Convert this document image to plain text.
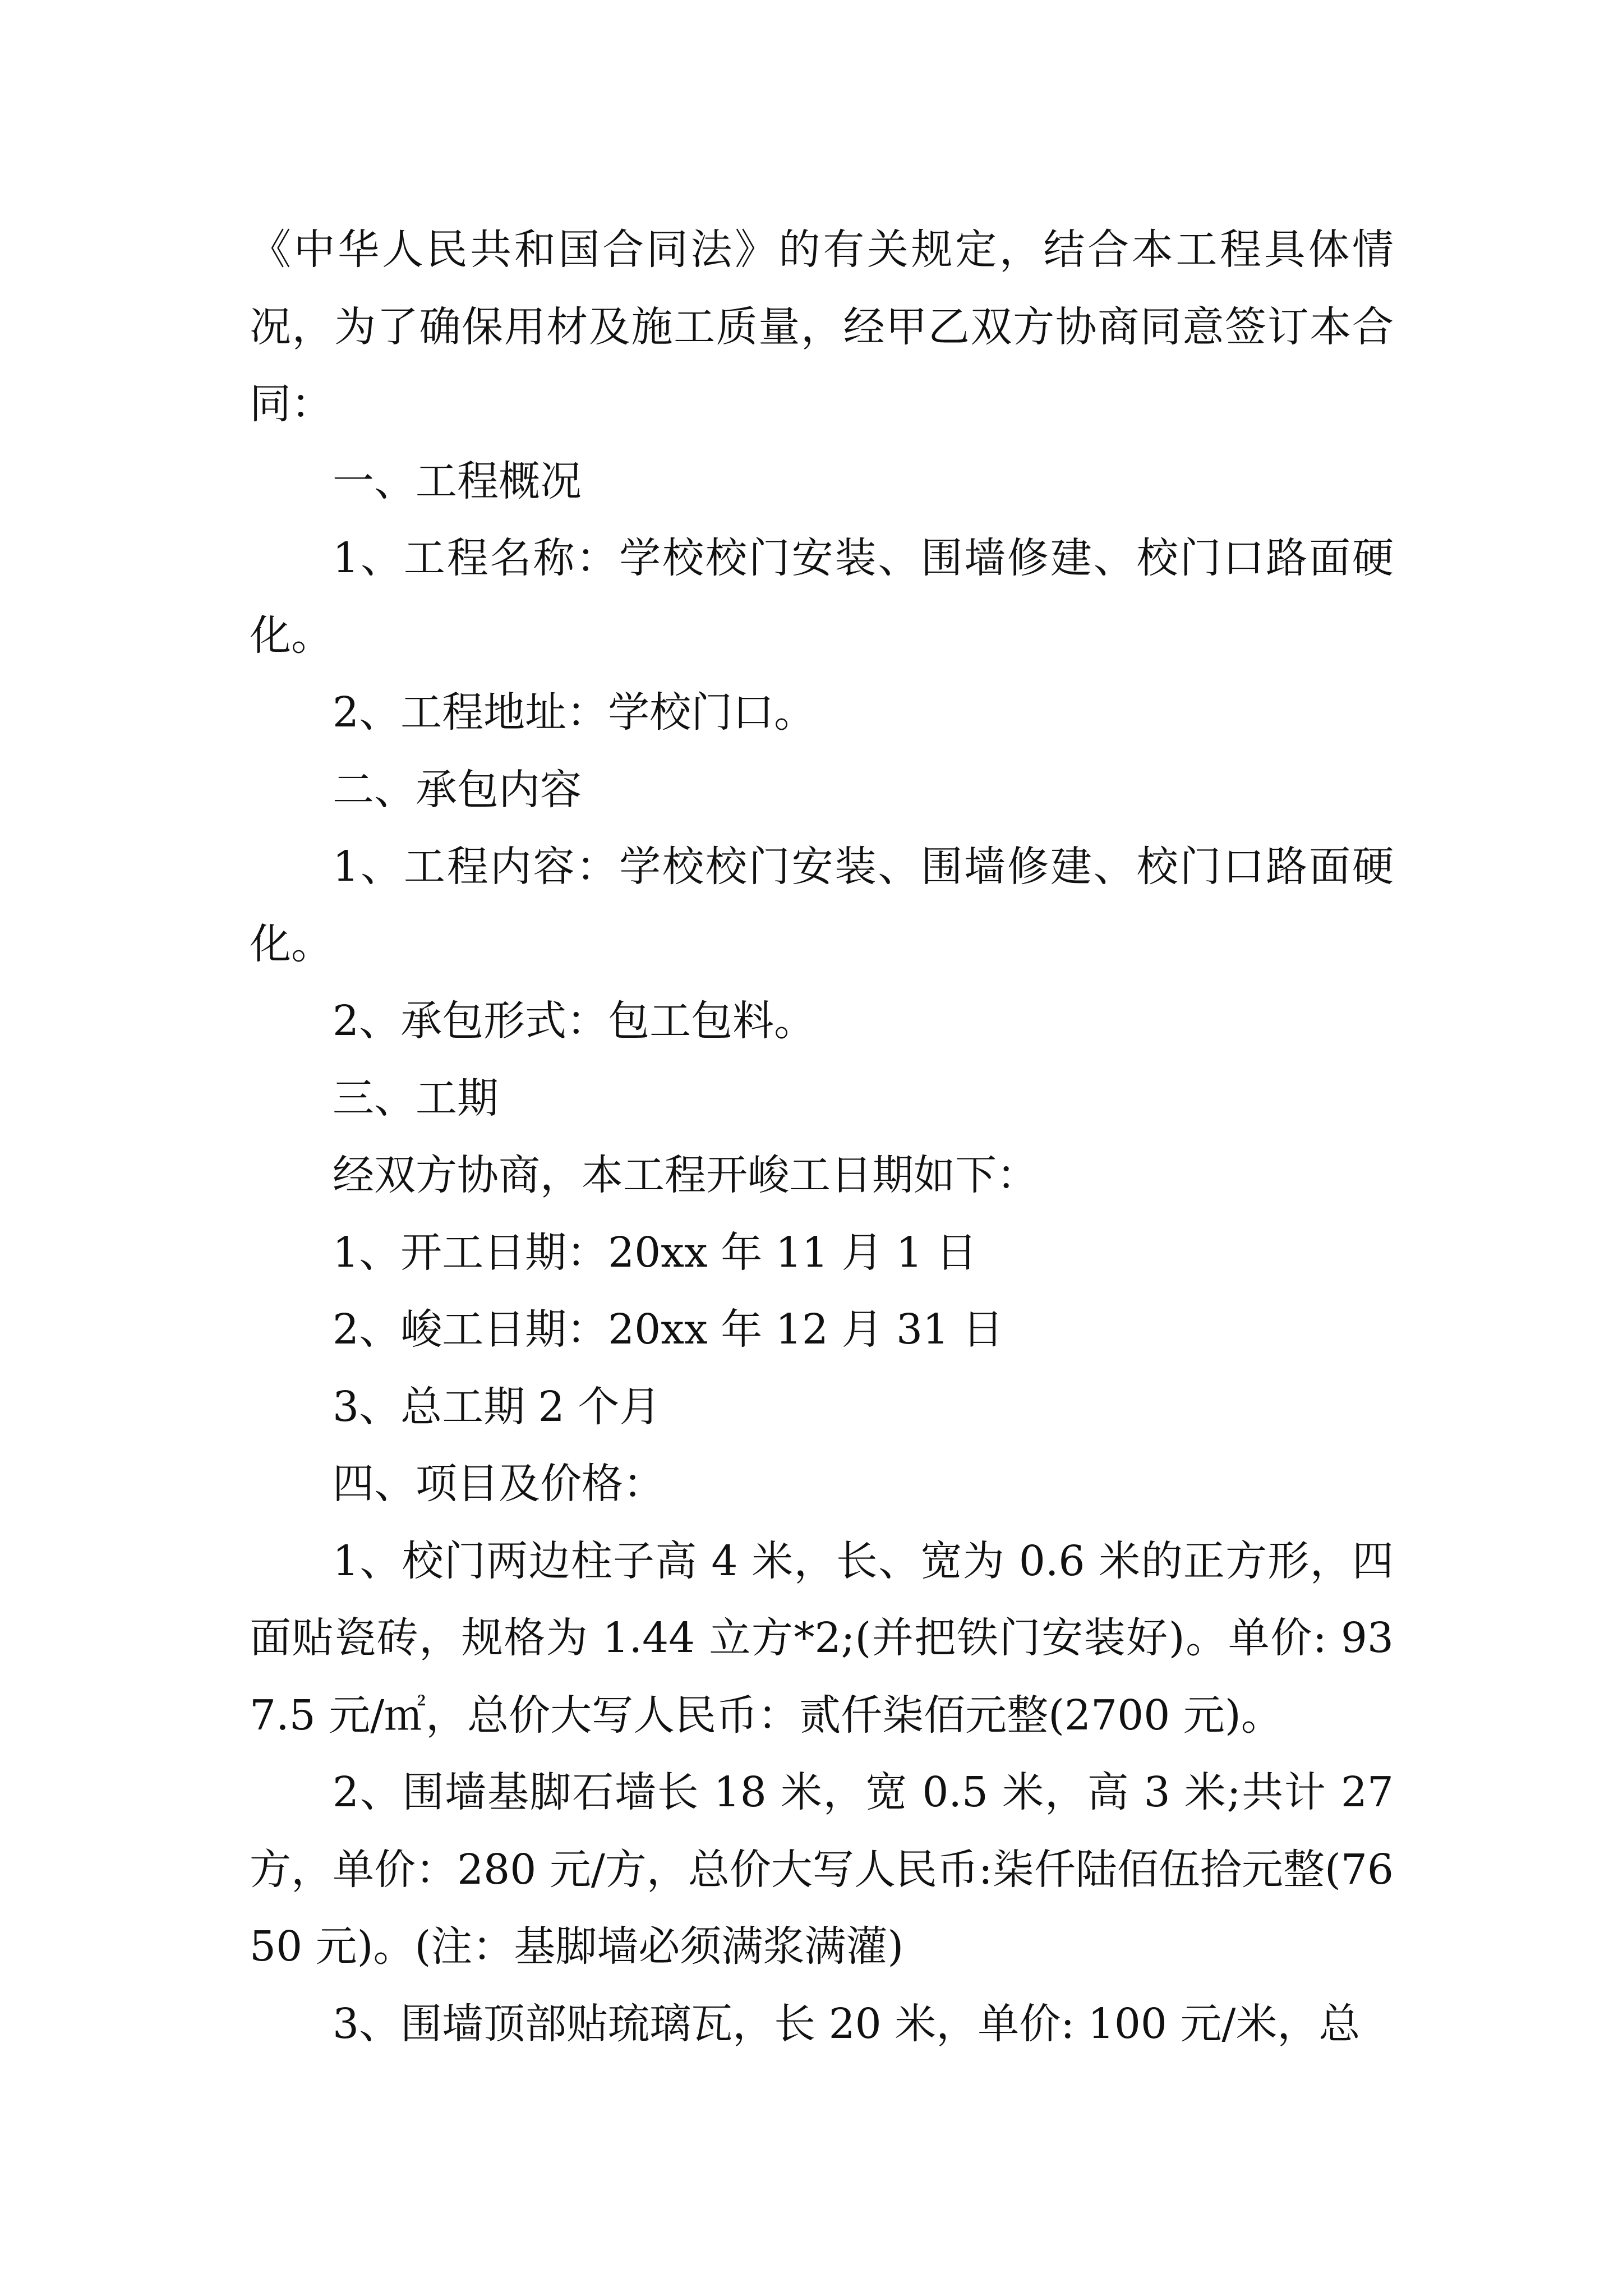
《中华人民共和国合同法》的有关规定，结合本工程具体情况，为了确保用材及施工质量，经甲乙双方协商同意签订本合同：

一、工程概况

1、工程名称：学校校门安装、围墙修建、校门口路面硬化。

2、工程地址：学校门口。

二、承包内容

1、工程内容：学校校门安装、围墙修建、校门口路面硬化。

2、承包形式：包工包料。

三、工期

经双方协商，本工程开峻工日期如下：

1、开工日期：20xx 年 11 月 1 日

2、峻工日期：20xx 年 12 月 31 日

3、总工期 2 个月

四、项目及价格：

1、校门两边柱子高 4 米，长、宽为 0.6 米的正方形，四面贴瓷砖，规格为 1.44 立方*2;(并把铁门安装好)。单价: 937.5 元/㎡，总价大写人民币：贰仟柒佰元整(2700 元)。

2、围墙基脚石墙长 18 米，宽 0.5 米，高 3 米;共计 27 方，单价：280 元/方，总价大写人民币:柒仟陆佰伍拾元整(7650 元)。(注：基脚墙必须满浆满灌)

3、围墙顶部贴琉璃瓦，长 20 米，单价: 100 元/米，总
